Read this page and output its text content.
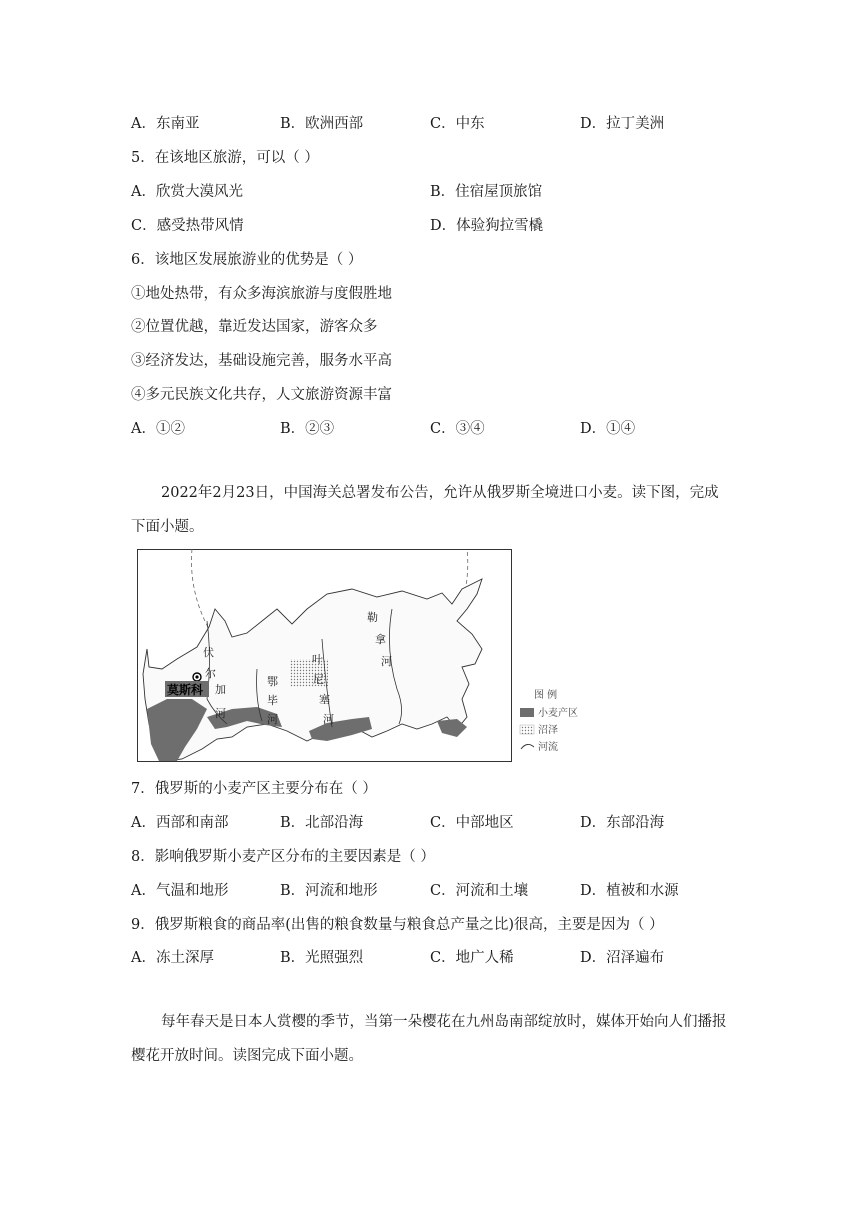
A．东南亚	B．欧洲西部	C．中东	D．拉丁美洲
5．在该地区旅游，可以（ ）
A．欣赏大漠风光	B．住宿屋顶旅馆
C．感受热带风情	D．体验狗拉雪橇
6．该地区发展旅游业的优势是（ ）
①地处热带，有众多海滨旅游与度假胜地
②位置优越，靠近发达国家，游客众多
③经济发达，基础设施完善，服务水平高
④多元民族文化共存，人文旅游资源丰富
A．①②	B．②③	C．③④	D．①④
2022年2月23日，中国海关总署发布公告，允许从俄罗斯全境进口小麦。读下图，完成下面小题。
莫斯科
伏
尔
加
河
鄂
毕
河
叶
尼
塞
河
勒
拿
河
图 例
小麦产区
沼泽
河流
7．俄罗斯的小麦产区主要分布在（ ）
A．西部和南部	B．北部沿海	C．中部地区	D．东部沿海
8．影响俄罗斯小麦产区分布的主要因素是（ ）
A．气温和地形	B．河流和地形	C．河流和土壤	D．植被和水源
9．俄罗斯粮食的商品率(出售的粮食数量与粮食总产量之比)很高，主要是因为（ ）
A．冻土深厚	B．光照强烈	C．地广人稀	D．沼泽遍布
每年春天是日本人赏樱的季节，当第一朵樱花在九州岛南部绽放时，媒体开始向人们播报樱花开放时间。读图完成下面小题。
